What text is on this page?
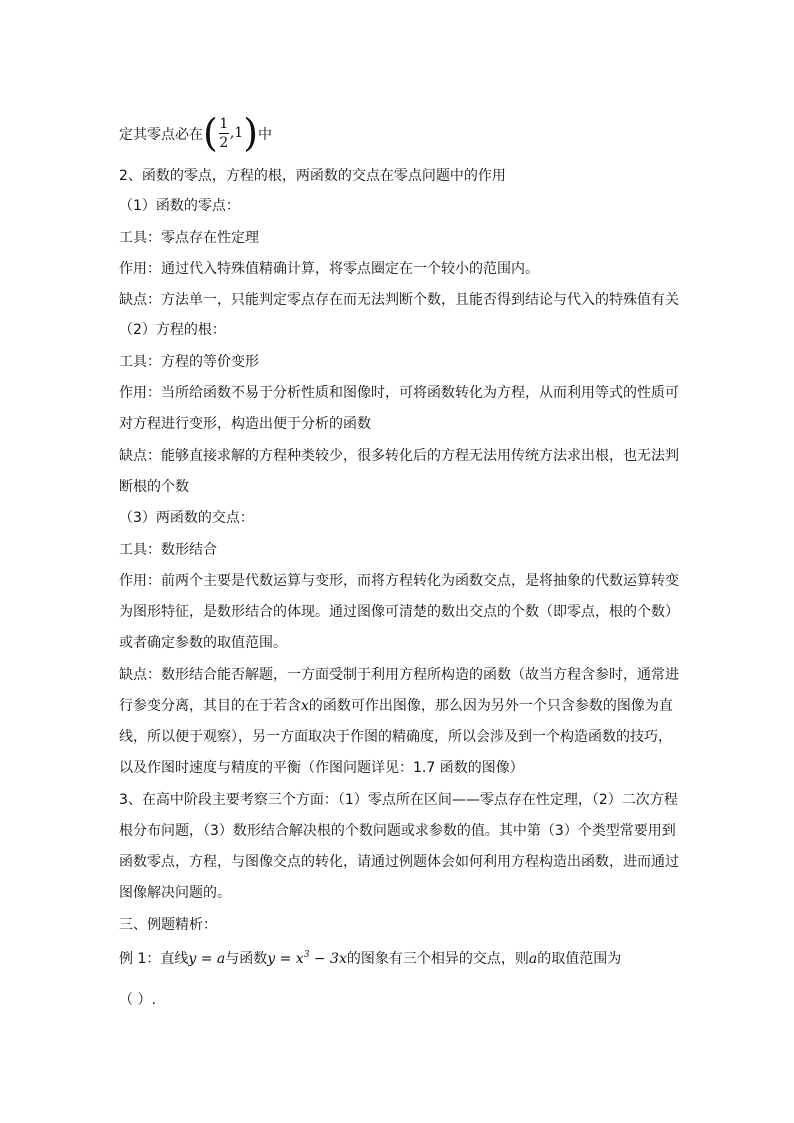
定其零点必在 ( $\frac{1}{2} ,1$ ) 中
2、函数的零点，方程的根，两函数的交点在零点问题中的作用
（1）函数的零点：
工具：零点存在性定理
作用：通过代入特殊值精确计算，将零点圈定在一个较小的范围内。
缺点：方法单一，只能判定零点存在而无法判断个数，且能否得到结论与代入的特殊值有关
（2）方程的根：
工具：方程的等价变形
作用：当所给函数不易于分析性质和图像时，可将函数转化为方程，从而利用等式的性质可
对方程进行变形，构造出便于分析的函数
缺点：能够直接求解的方程种类较少，很多转化后的方程无法用传统方法求出根，也无法判
断根的个数
（3）两函数的交点：
工具：数形结合
作用：前两个主要是代数运算与变形，而将方程转化为函数交点，是将抽象的代数运算转变
为图形特征，是数形结合的体现。通过图像可清楚的数出交点的个数（即零点，根的个数）
或者确定参数的取值范围。
缺点：数形结合能否解题，一方面受制于利用方程所构造的函数（故当方程含参时，通常进
行参变分离，其目的在于若含x的函数可作出图像，那么因为另外一个只含参数的图像为直
线，所以便于观察），另一方面取决于作图的精确度，所以会涉及到一个构造函数的技巧，
以及作图时速度与精度的平衡（作图问题详见：1.7 函数的图像）
3、在高中阶段主要考察三个方面：（1）零点所在区间——零点存在性定理，（2）二次方程
根分布问题，（3）数形结合解决根的个数问题或求参数的值。其中第（3）个类型常要用到
函数零点，方程，与图像交点的转化，请通过例题体会如何利用方程构造出函数，进而通过
图像解决问题的。
三、例题精析：
例 1：直线y = a与函数$y = x^3 - 3x$的图象有三个相异的交点，则a的取值范围为
（ ）.
